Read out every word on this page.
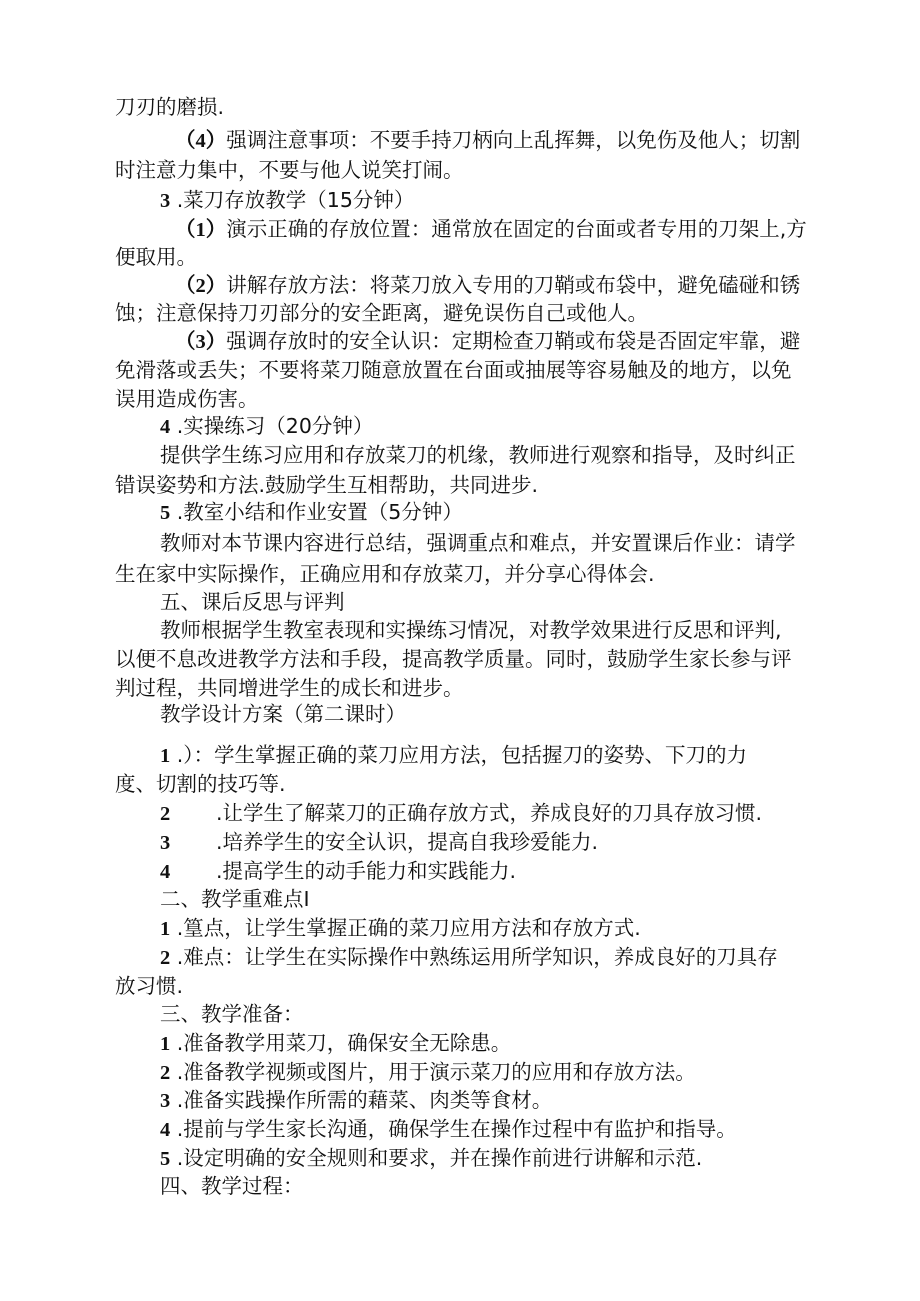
刀刃的磨损.
（4）强调注意事项：不要手持刀柄向上乱挥舞，以免伤及他人；切割
时注意力集中，不要与他人说笑打闹。
3 .菜刀存放教学（15分钟）
（1）演示正确的存放位置：通常放在固定的台面或者专用的刀架上,方
便取用。
（2）讲解存放方法：将菜刀放入专用的刀鞘或布袋中，避免磕碰和锈
蚀；注意保持刀刃部分的安全距离，避免误伤自己或他人。
（3）强调存放时的安全认识：定期检查刀鞘或布袋是否固定牢靠，避
免滑落或丢失；不要将菜刀随意放置在台面或抽展等容易触及的地方，以免
误用造成伤害。
4 .实操练习（20分钟）
提供学生练习应用和存放菜刀的机缘，教师进行观察和指导，及时纠正
错误姿势和方法.鼓励学生互相帮助，共同进步.
5 .教室小结和作业安置（5分钟）
教师对本节课内容进行总结，强调重点和难点，并安置课后作业：请学
生在家中实际操作，正确应用和存放菜刀，并分享心得体会.
五、课后反思与评判
教师根据学生教室表现和实操练习情况，对教学效果进行反思和评判,
以便不息改进教学方法和手段，提高教学质量。同时，鼓励学生家长参与评
判过程，共同增进学生的成长和进步。
教学设计方案（第二课时）
1 .）：学生掌握正确的菜刀应用方法，包括握刀的姿势、下刀的力
度、切割的技巧等.
2 .让学生了解菜刀的正确存放方式，养成良好的刀具存放习惯.
3 .培养学生的安全认识，提高自我珍爱能力.
4 .提高学生的动手能力和实践能力.
二、教学重难点I
1 .篁点，让学生掌握正确的菜刀应用方法和存放方式.
2 .难点：让学生在实际操作中熟练运用所学知识，养成良好的刀具存
放习惯.
三、教学准备：
1 .准备教学用菜刀，确保安全无除患。
2 .准备教学视频或图片，用于演示菜刀的应用和存放方法。
3 .准备实践操作所需的藉菜、肉类等食材。
4 .提前与学生家长沟通，确保学生在操作过程中有监护和指导。
5 .设定明确的安全规则和要求，并在操作前进行讲解和示范.
四、教学过程：
